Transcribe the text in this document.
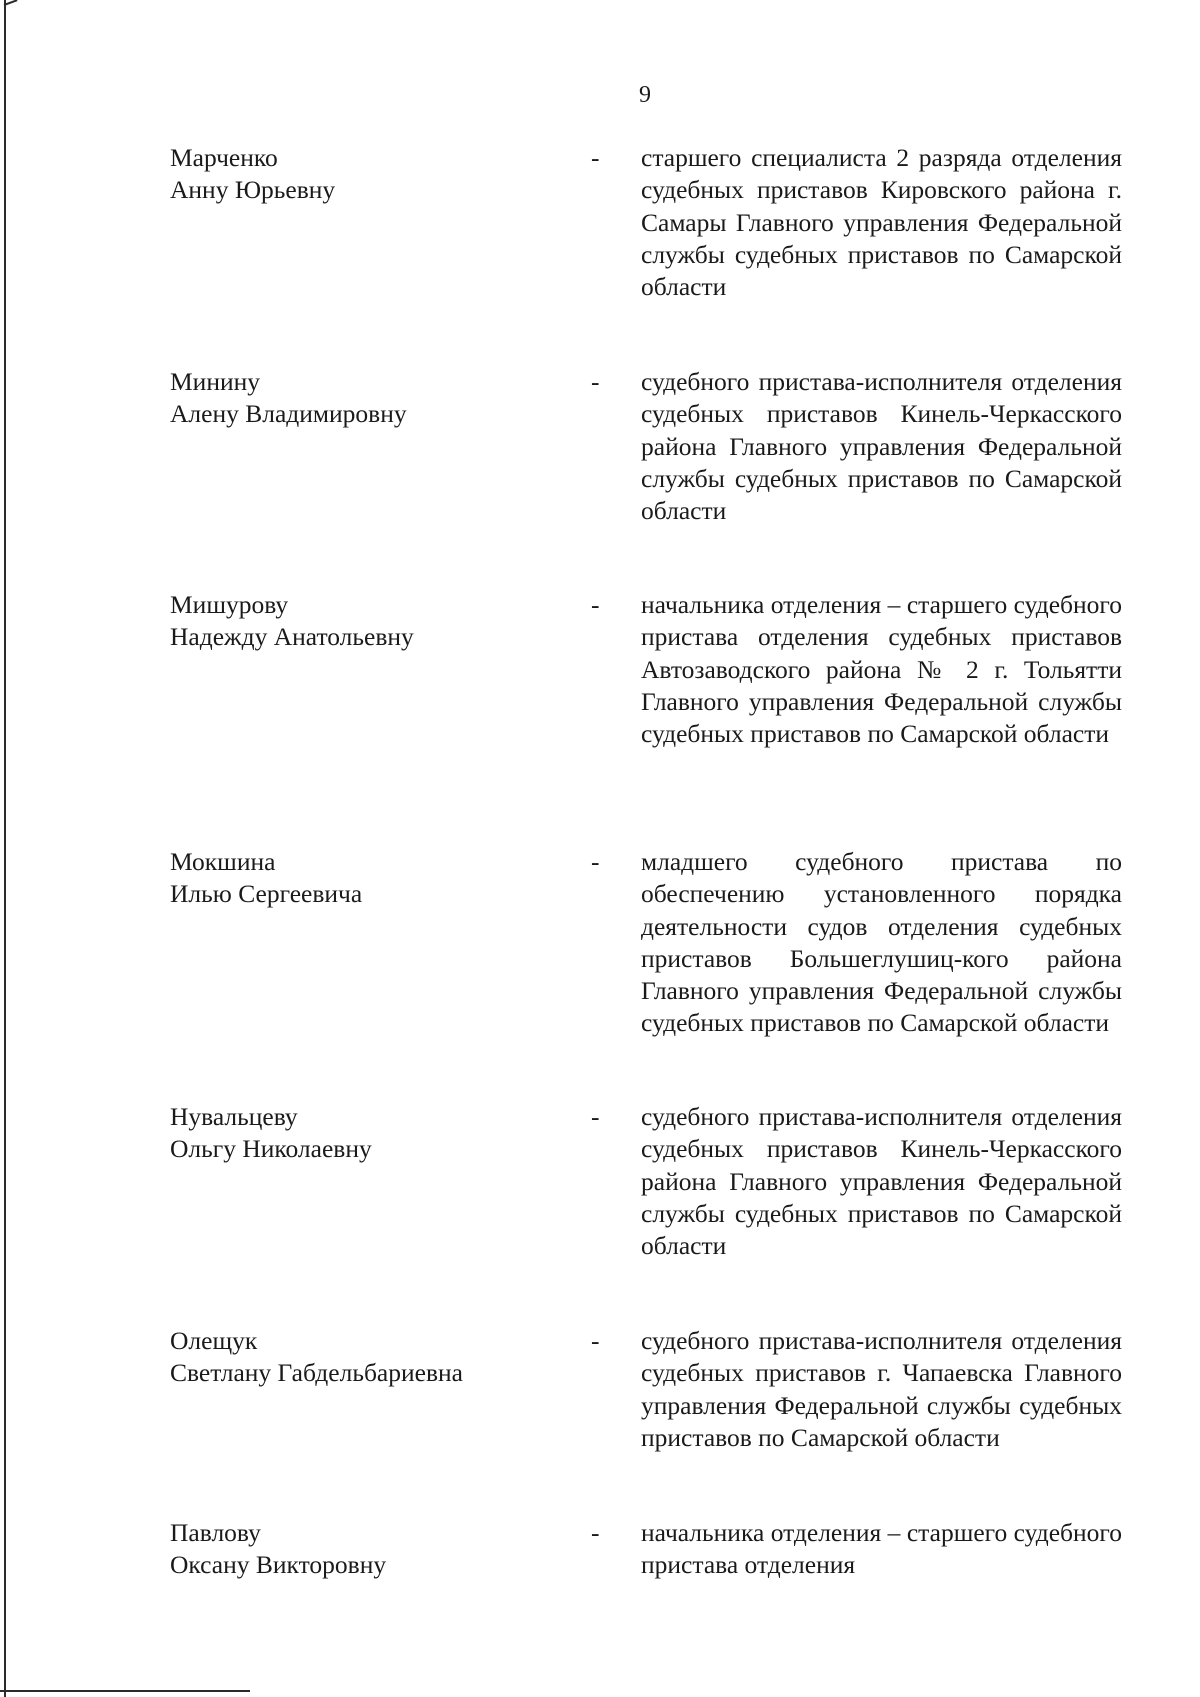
9
Марченко
Анну Юрьевну
- старшего специалиста 2 разряда отделения судебных приставов Кировского района г. Самары Главного управления Федеральной службы судебных приставов по Самарской области
Минину
Алену Владимировну
- судебного пристава-исполнителя отделения судебных приставов Кинель-Черкасского района Главного управления Федеральной службы судебных приставов по Самарской области
Мишурову
Надежду Анатольевну
- начальника отделения – старшего судебного пристава отделения судебных приставов Автозаводского района № 2 г. Тольятти Главного управления Федеральной службы судебных приставов по Самарской области
Мокшина
Илью Сергеевича
- младшего судебного пристава по обеспечению установленного порядка деятельности судов отделения судебных приставов Большеглушиц-кого района Главного управления Федеральной службы судебных приставов по Самарской области
Нувальцеву
Ольгу Николаевну
- судебного пристава-исполнителя отделения судебных приставов Кинель-Черкасского района Главного управления Федеральной службы судебных приставов по Самарской области
Олещук
Светлану Габдельбариевна
- судебного пристава-исполнителя отделения судебных приставов г. Чапаевска Главного управления Федеральной службы судебных приставов по Самарской области
Павлову
Оксану Викторовну
- начальника отделения – старшего судебного пристава отделения
